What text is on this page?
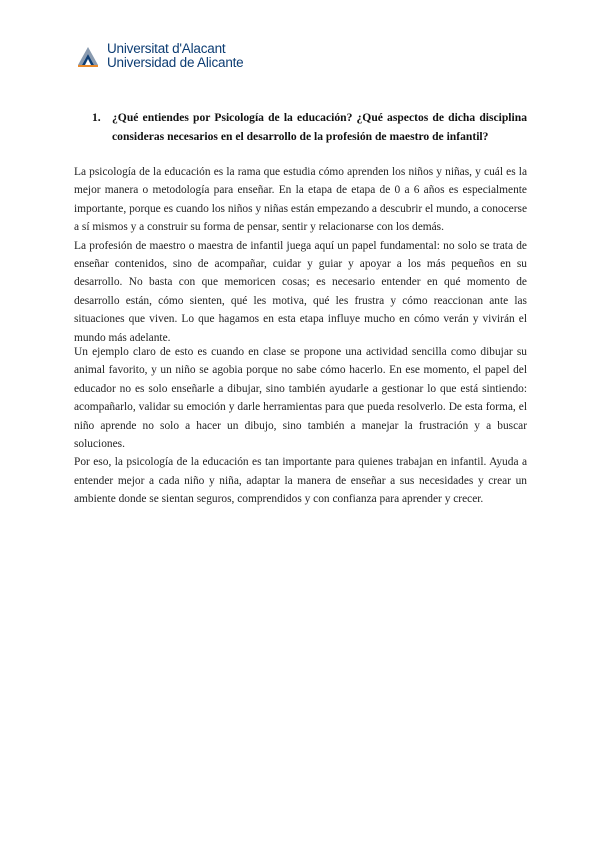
Universitat d'Alacant
Universidad de Alicante
1. ¿Qué entiendes por Psicología de la educación? ¿Qué aspectos de dicha disciplina consideras necesarios en el desarrollo de la profesión de maestro de infantil?

La psicología de la educación es la rama que estudia cómo aprenden los niños y niñas, y cuál es la mejor manera o metodología para enseñar. En la etapa de etapa de 0 a 6 años es especialmente importante, porque es cuando los niños y niñas están empezando a descubrir el mundo, a conocerse a sí mismos y a construir su forma de pensar, sentir y relacionarse con los demás.

La profesión de maestro o maestra de infantil juega aquí un papel fundamental: no solo se trata de enseñar contenidos, sino de acompañar, cuidar y guiar y apoyar a los más pequeños en su desarrollo. No basta con que memoricen cosas; es necesario entender en qué momento de desarrollo están, cómo sienten, qué les motiva, qué les frustra y cómo reaccionan ante las situaciones que viven. Lo que hagamos en esta etapa influye mucho en cómo verán y vivirán el mundo más adelante.

Un ejemplo claro de esto es cuando en clase se propone una actividad sencilla como dibujar su animal favorito, y un niño se agobia porque no sabe cómo hacerlo. En ese momento, el papel del educador no es solo enseñarle a dibujar, sino también ayudarle a gestionar lo que está sintiendo: acompañarlo, validar su emoción y darle herramientas para que pueda resolverlo. De esta forma, el niño aprende no solo a hacer un dibujo, sino también a manejar la frustración y a buscar soluciones.

Por eso, la psicología de la educación es tan importante para quienes trabajan en infantil. Ayuda a entender mejor a cada niño y niña, adaptar la manera de enseñar a sus necesidades y crear un ambiente donde se sientan seguros, comprendidos y con confianza para aprender y crecer.
